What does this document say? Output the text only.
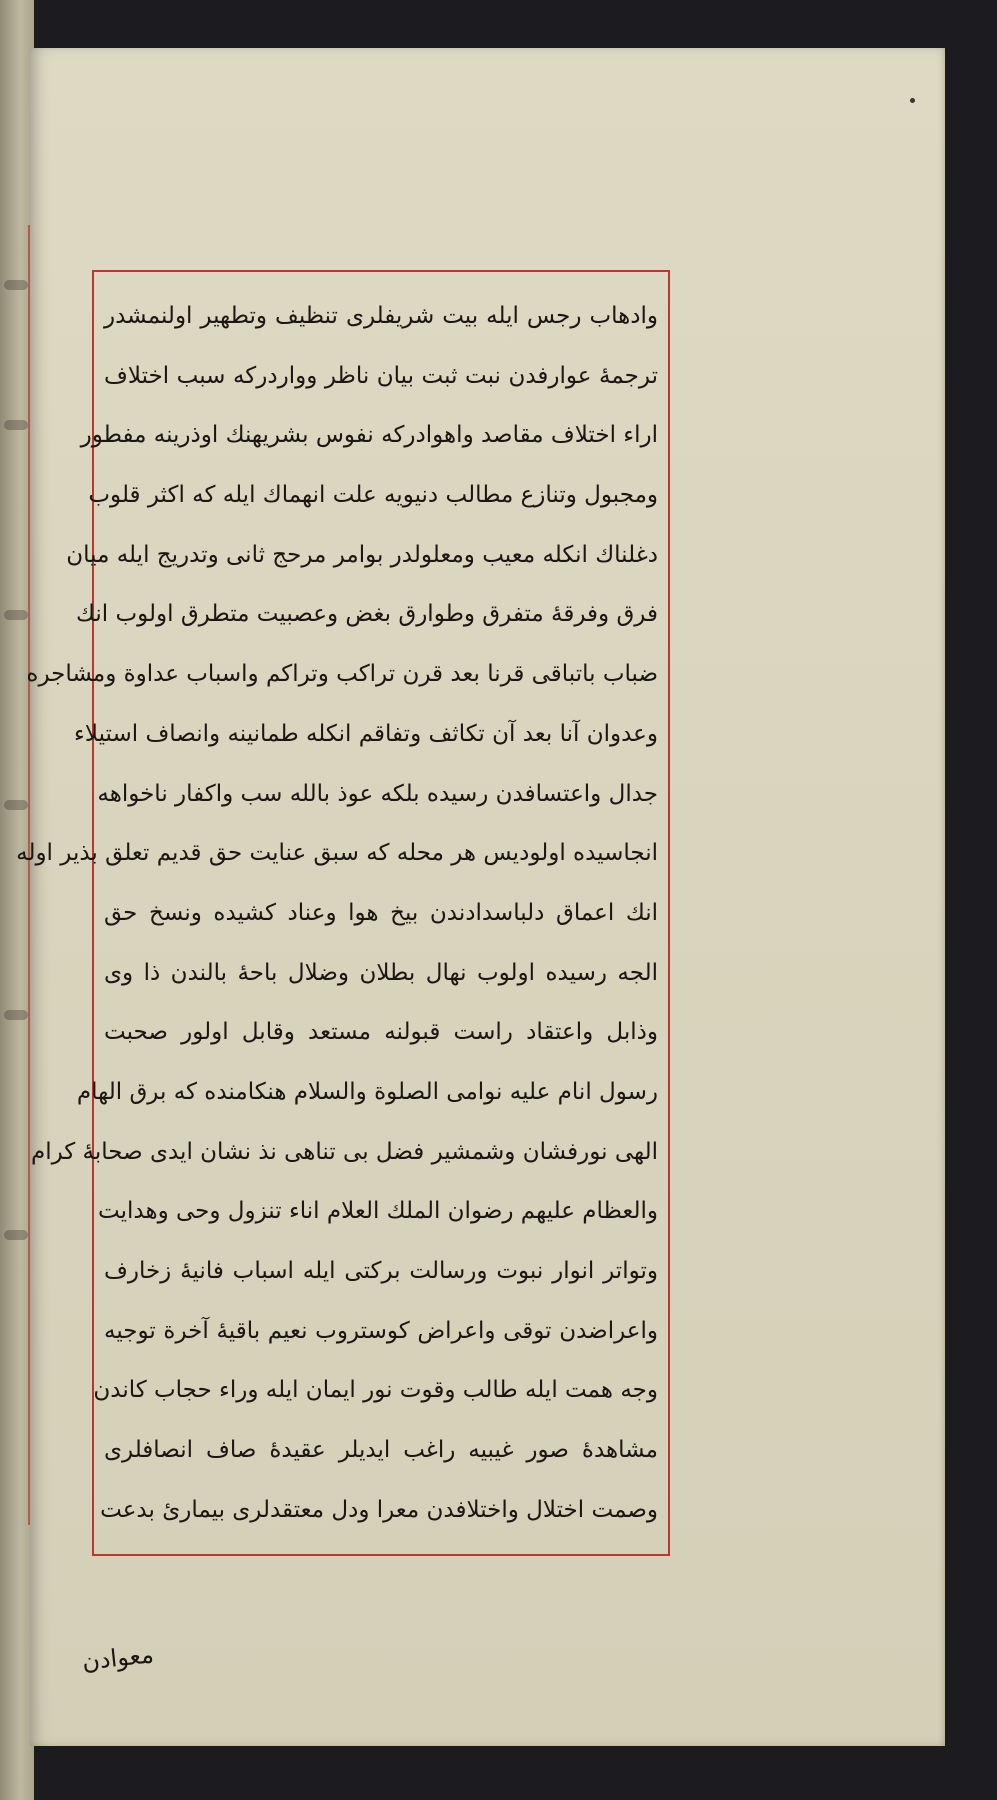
وادهاب رجس ایله بیت شریفلری تنظیف وتطهیر اولنمشدر
ترجمهٔ عوارفدن نبت ثبت بیان ناظر وواردرکه سبب اختلاف
اراء اختلاف مقاصد واهوادرکه نفوس بشریهنك اوذرینه مفطور
ومجبول وتنازع مطالب دنیویه علت انهماك ایله که اکثر قلوب
دغلناك انکله معیب ومعلولدر بوامر مرحج ثانی وتدریج ایله میان
فرق وفرقهٔ متفرق وطوارق بغض وعصبیت متطرق اولوب انك
ضباب باتباقی قرنا بعد قرن تراکب وتراکم واسباب عداوة ومشاجره
وعدوان آنا بعد آن تکاثف وتفاقم انکله طمانینه وانصاف استیلاء
جدال واعتسافدن رسیده بلکه عوذ بالله سب واکفار ناخواهه
انجاسیده اولودیس هر محله که سبق عنایت حق قدیم تعلق بذیر اوله
انك اعماق دلباسدادندن بیخ هوا وعناد کشیده ونسخ حق
الجه رسیده اولوب نهال بطلان وضلال باحهٔ بالندن ذا وی
وذابل واعتقاد راست قبولنه مستعد وقابل اولور صحبت
رسول انام علیه نوامی الصلوة والسلام هنکامنده که برق الهام
الهی نورفشان وشمشیر فضل بی تناهی نذ نشان ایدی صحابهٔ کرام
والعظام علیهم رضوان الملك العلام اناء تنزول وحی وهدایت
وتواتر انوار نبوت ورسالت برکتی ایله اسباب فانیهٔ زخارف
واعراضدن توقی واعراض کوستروب نعیم باقیهٔ آخرة توجیه
وجه همت ایله طالب وقوت نور ایمان ایله وراء حجاب کاندن
مشاهدهٔ صور غیبیه راغب ایدیلر عقیدهٔ صاف انصافلری
وصمت اختلال واختلافدن معرا ودل معتقدلری بیمارئ بدعت
معوادن
